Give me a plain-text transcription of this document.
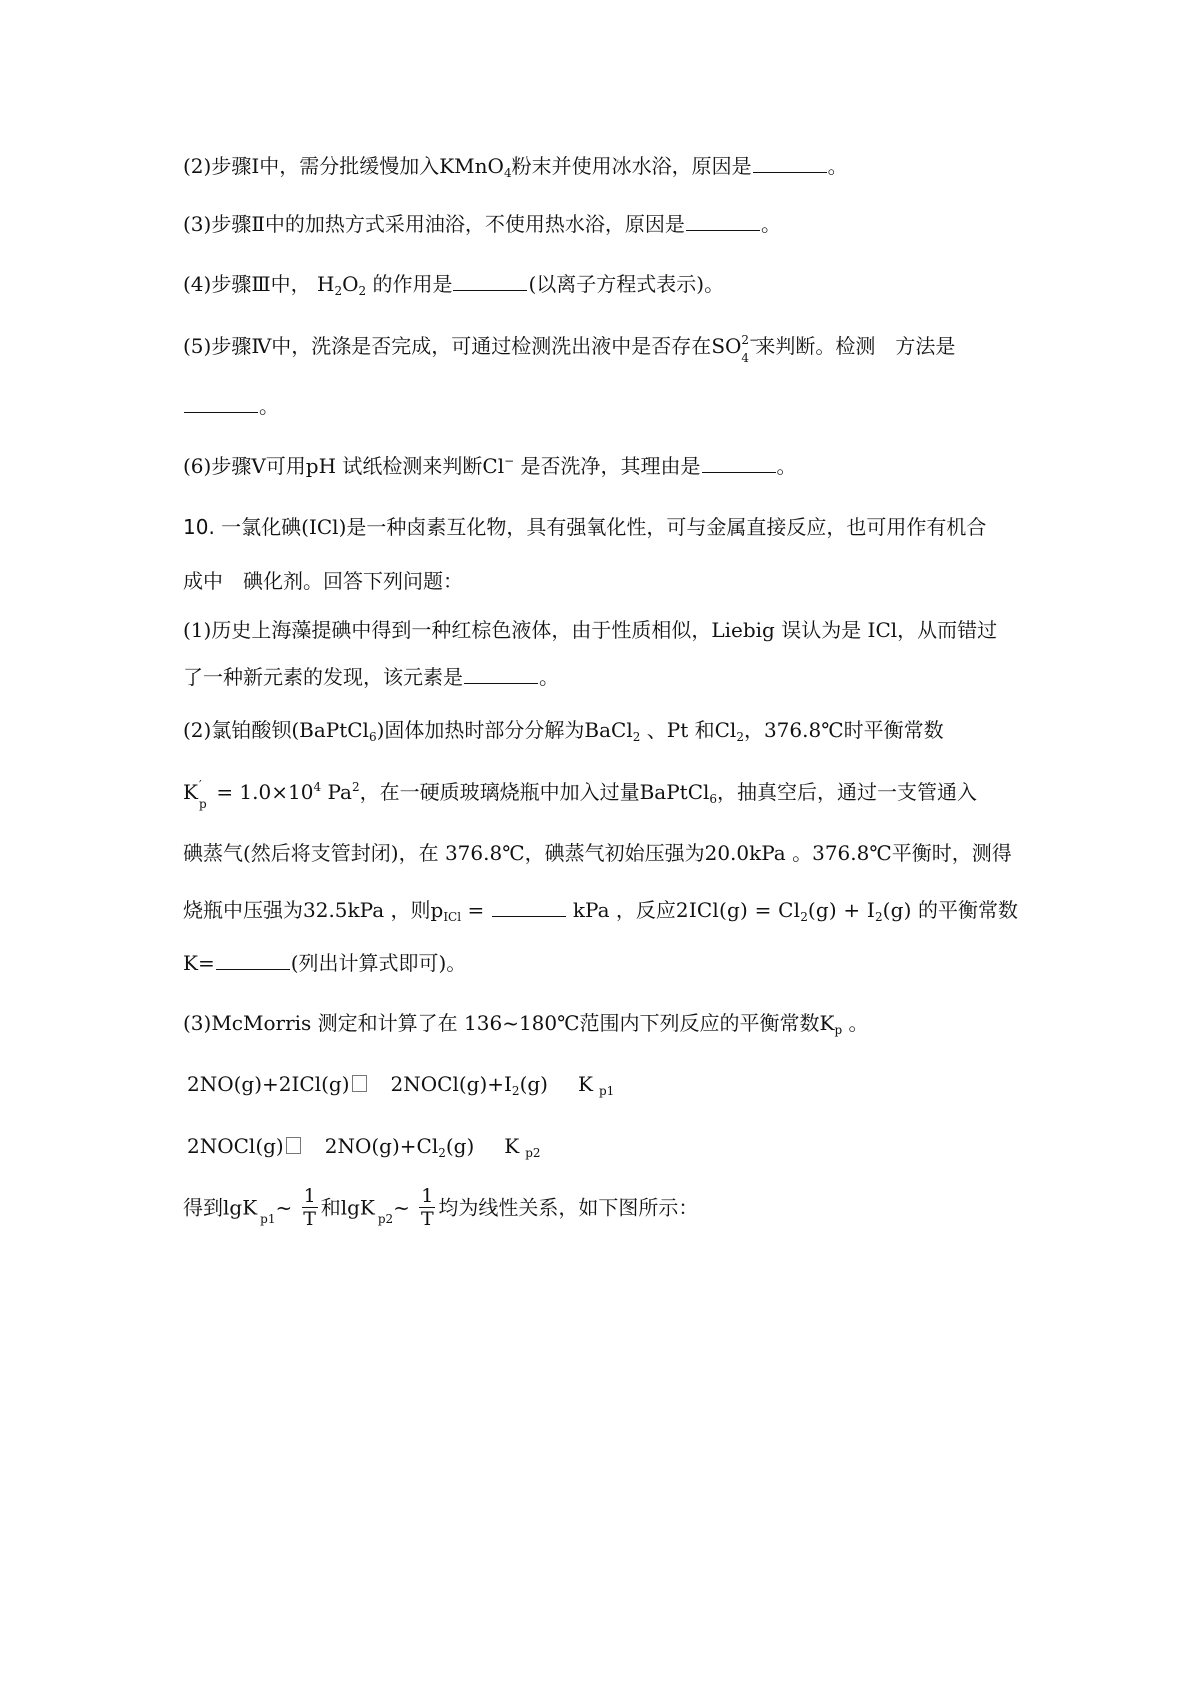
(2)步骤Ⅰ中，需分批缓慢加入KMnO$_4$粉末并使用冰水浴，原因是	。
(3)步骤Ⅱ中的加热方式采用油浴，不使用热水浴，原因是	。
(4)步骤Ⅲ中， $H_2O_2$ 的作用是	(以离子方程式表示)。
(5)步骤Ⅳ中，洗涤是否完成，可通过检测洗出液中是否存在SO 2−
4 来判断。检测　方法是
。
(6)步骤Ⅴ可用pH 试纸检测来判断Cl− 是否洗净，其理由是	。
10. 一氯化碘(ICl)是一种卤素互化物，具有强氧化性，可与金属直接反应，也可用作有机合
成中　碘化剂。回答下列问题：
(1)历史上海藻提碘中得到一种红棕色液体，由于性质相似，Liebig 误认为是 ICl，从而错过
了一种新元素的发现，该元素是	。
(2)氯铂酸钡(BaPtCl$_6$)固体加热时部分分解为BaCl$_2$ 、Pt 和$Cl_2$，376.8℃时平衡常数
K ′
$p = 1.0\times 10^4$ Pa$^2$，在一硬质玻璃烧瓶中加入过量BaPtCl$_6$，抽真空后，通过一支管通入
碘蒸气(然后将支管封闭)，在 376.8℃，碘蒸气初始压强为20.0kPa 。376.8℃平衡时，测得
烧瓶中压强为32.5kPa ，则$p_{ICl}$ =	kPa ，反应$2ICl(g) = Cl_2(g) + I_2(g)$ 的平衡常数
K=	(列出计算式即可)。
(3)McMorris 测定和计算了在 136~180℃范围内下列反应的平衡常数$K_p$ 。
2NO(g)+2ICl(g) $2NOCl(g)+I_2(g)$ K $_{p1}$
2NOCl(g) $2NO(g)+Cl_2(g)$ K $_{p2}$
得到lgK $_{p1}$~ $\frac{1}{T}$ 和lgK $_{p2}$~ $\frac{1}{T}$ 均为线性关系，如下图所示：
